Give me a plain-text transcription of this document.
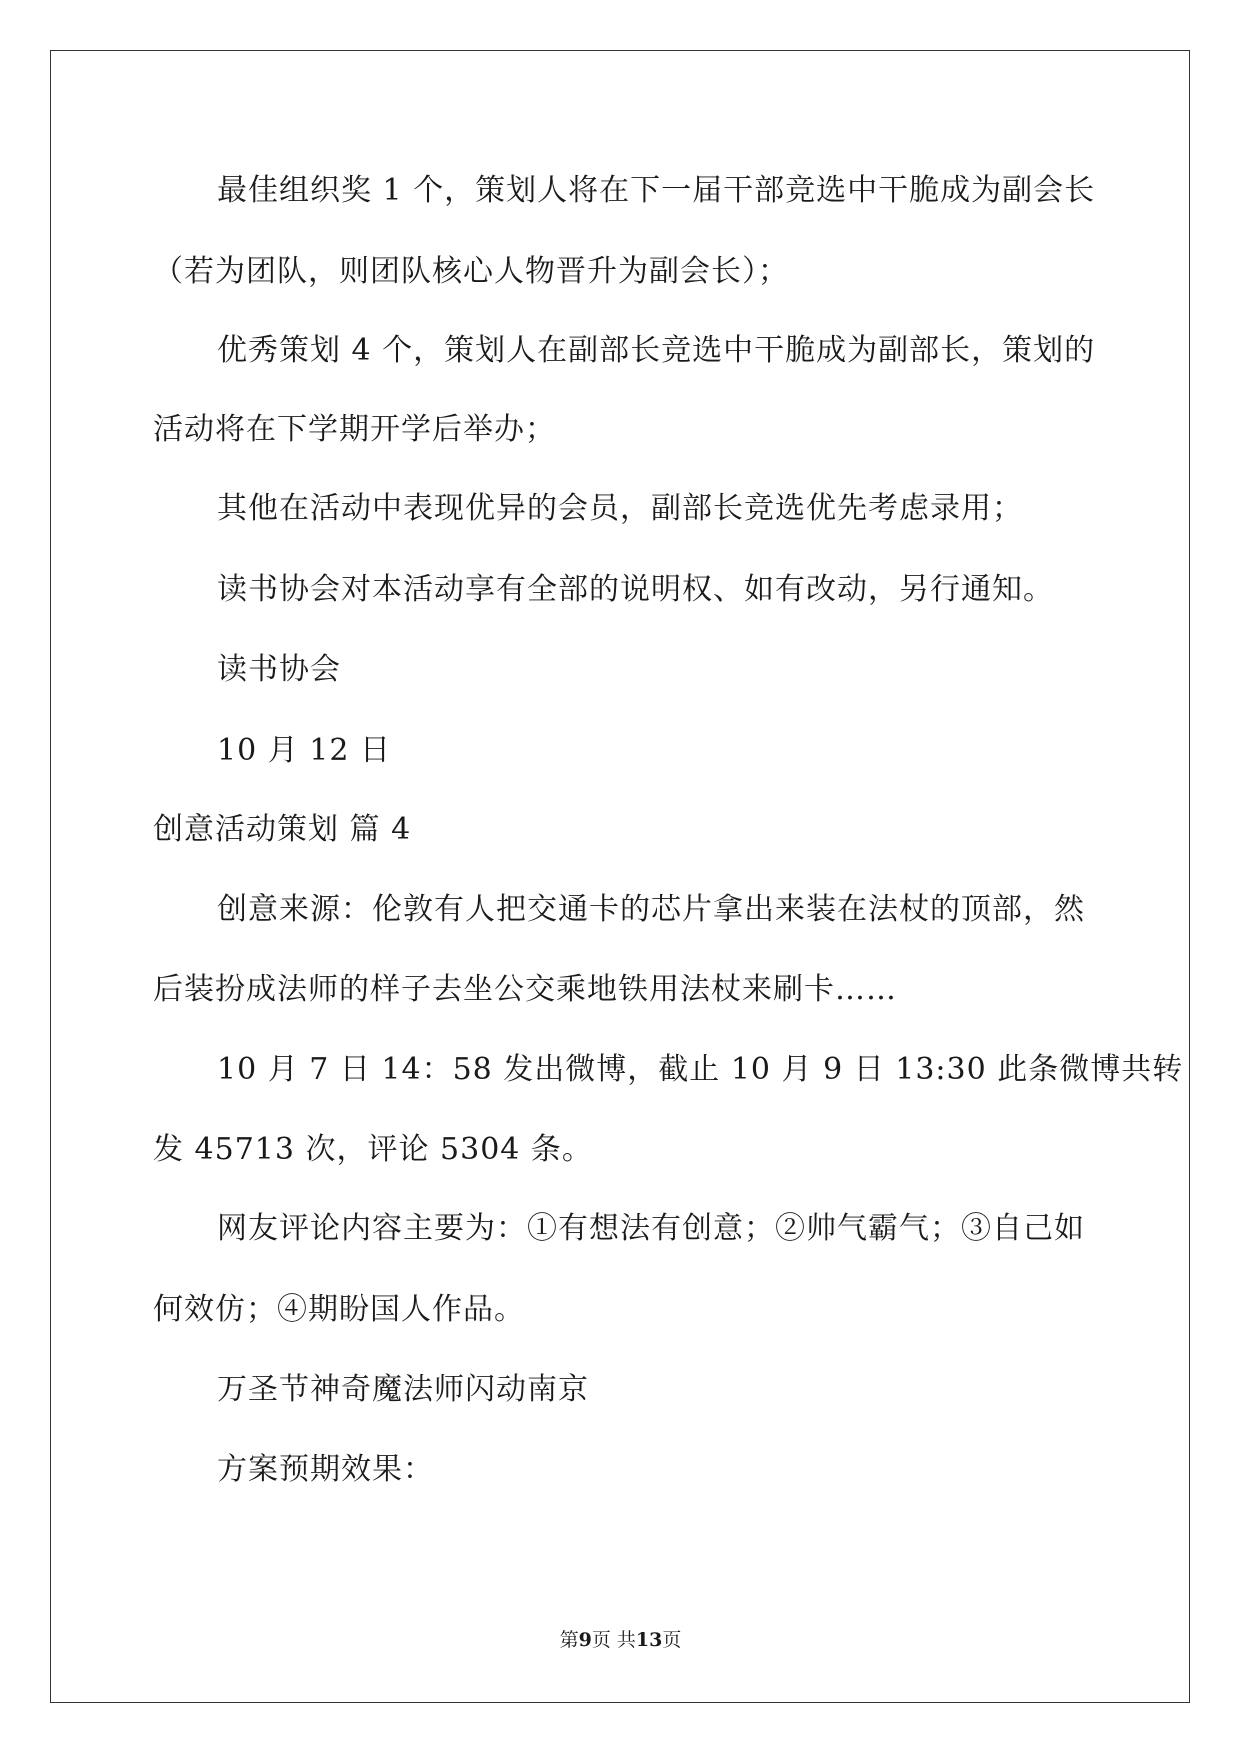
最佳组织奖 1 个，策划人将在下一届干部竞选中干脆成为副会长
（若为团队，则团队核心人物晋升为副会长）；
优秀策划 4 个，策划人在副部长竞选中干脆成为副部长，策划的
活动将在下学期开学后举办；
其他在活动中表现优异的会员，副部长竞选优先考虑录用；
读书协会对本活动享有全部的说明权、如有改动，另行通知。
读书协会
10 月 12 日
创意活动策划 篇 4
创意来源：伦敦有人把交通卡的芯片拿出来装在法杖的顶部，然
后装扮成法师的样子去坐公交乘地铁用法杖来刷卡……
10 月 7 日 14：58 发出微博，截止 10 月 9 日 13:30 此条微博共转
发 45713 次，评论 5304 条。
网友评论内容主要为：①有想法有创意；②帅气霸气；③自己如
何效仿；④期盼国人作品。
万圣节神奇魔法师闪动南京
方案预期效果：
第9页 共13页
